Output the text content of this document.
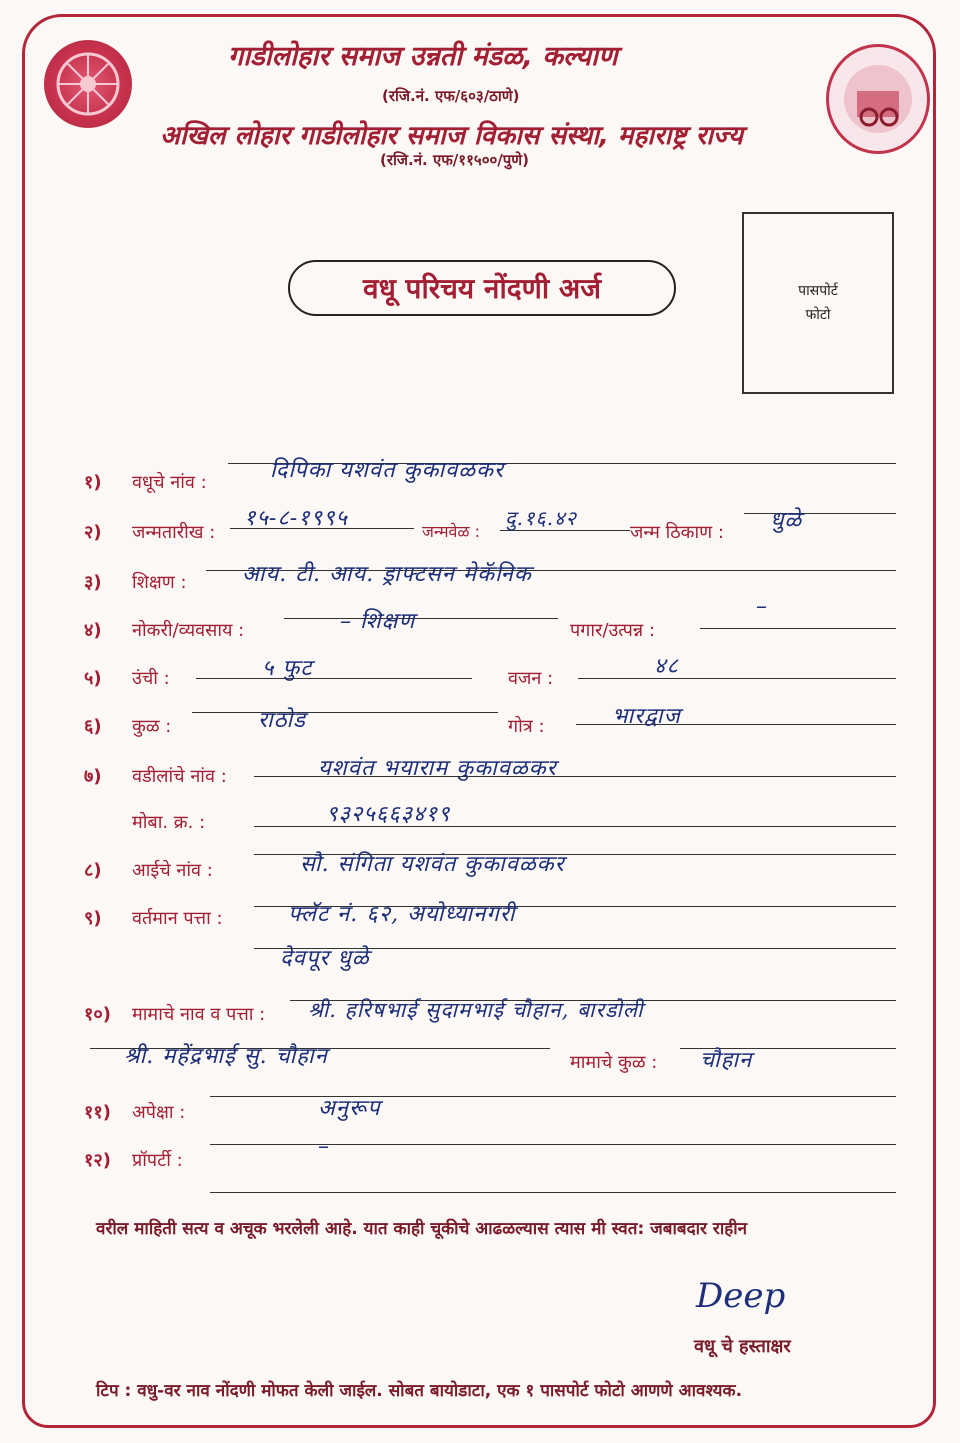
गाडीलोहार समाज उन्नती मंडळ, कल्याण
(रजि.नं. एफ/६०३/ठाणे)
अखिल लोहार गाडीलोहार समाज विकास संस्था, महाराष्ट्र राज्य
(रजि.नं. एफ/११५००/पुणे)
वधू परिचय नोंदणी अर्ज	पासपोर्ट
फोटो
१) वधूचे नांव :	दिपिका यशवंत कुकावळकर
२) जन्मतारीख :
१५-८-१९९५
जन्मवेळ :
दु.१६.४२
जन्म ठिकाण : धुळे
३) शिक्षण :	आय. टी. आय. ड्राफ्टसन मेकॅनिक
४) नोकरी/व्यवसाय :	– शिक्षण	पगार/उत्पन्न :
–
५) उंची :	५ फुट	वजन :	४८
६) कुळ :	राठोड	गोत्र :	भारद्वाज
७) वडीलांचे नांव :	यशवंत भयाराम कुकावळकर
मोबा. क्र. :	९३२५६६३४१९
८) आईचे नांव :	सौ. संगिता यशवंत कुकावळकर
९) वर्तमान पत्ता :	फ्लॅट नं. ६२, अयोध्यानगरी
देवपूर धुळे
१०) मामाचे नाव व पत्ता : श्री. हरिषभाई सुदामभाई चौहान, बारडोली
श्री. महेंद्रभाई सु. चौहान	मामाचे कुळ : चौहान
११) अपेक्षा :	अनुरूप
१२) प्रॉपर्टी :
–
वरील माहिती सत्य व अचूक भरलेली आहे. यात काही चूकीचे आढळल्यास त्यास मी स्वत: जबाबदार राहीन
Deep
वधू चे हस्ताक्षर
टिप : वधु-वर नाव नोंदणी मोफत केली जाईल. सोबत बायोडाटा, एक १ पासपोर्ट फोटो आणणे आवश्यक.
